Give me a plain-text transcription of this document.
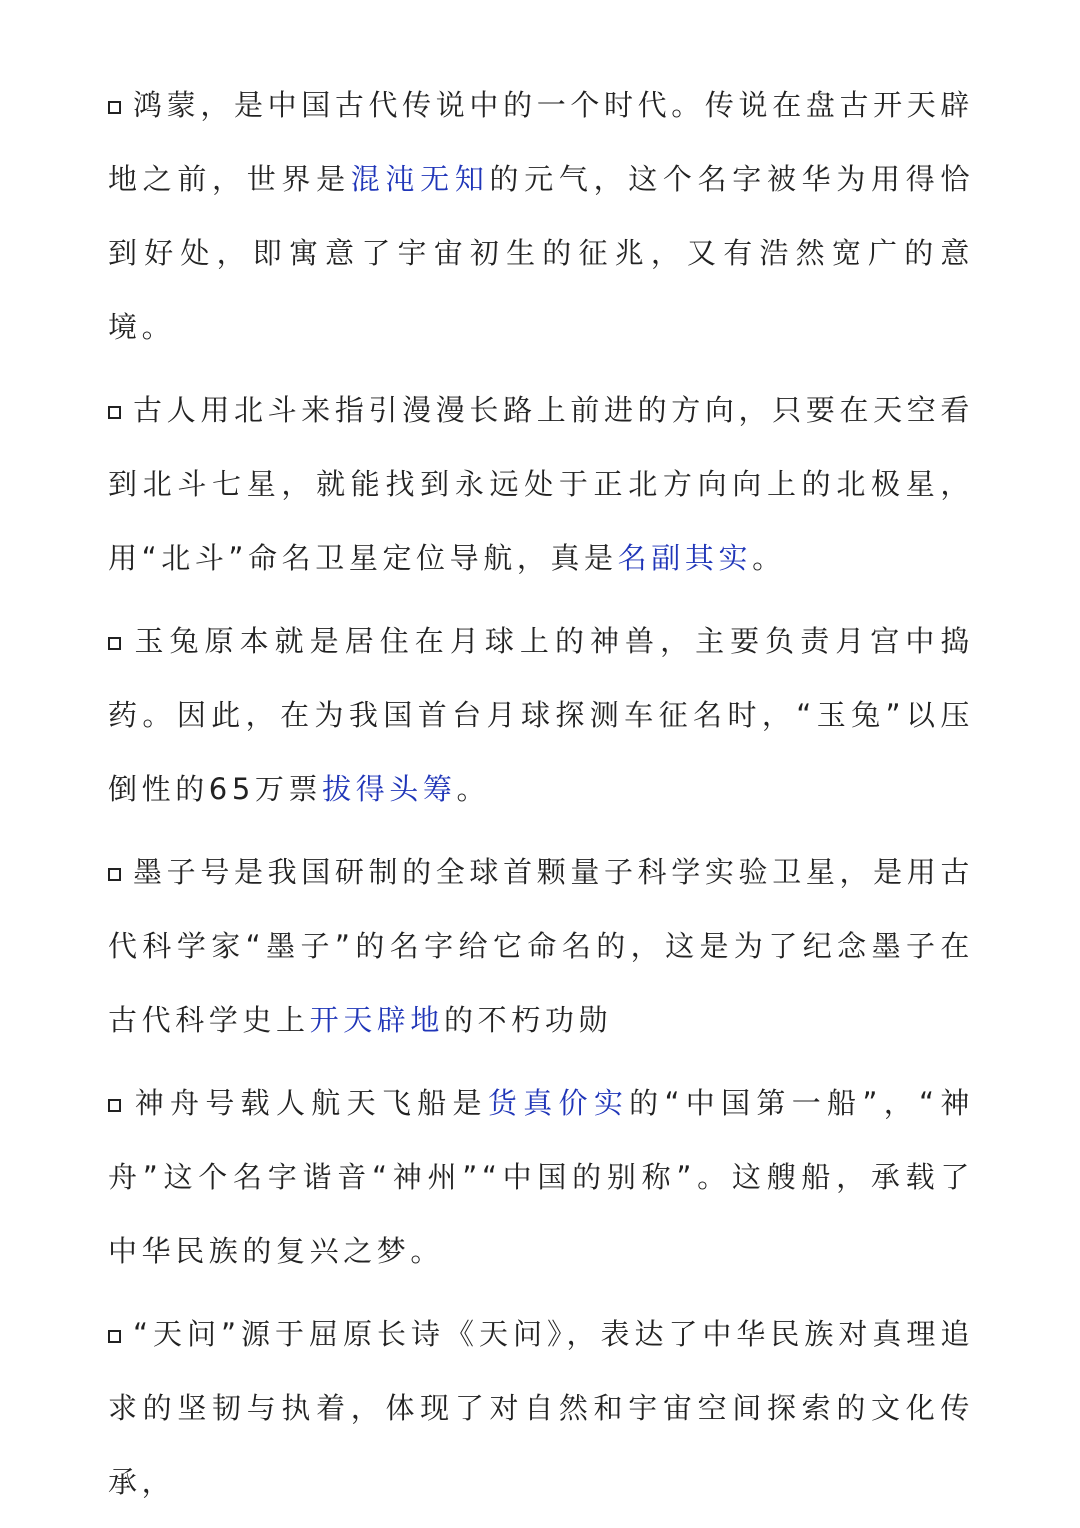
鸿蒙，是中国古代传说中的一个时代。传说在盘古开天辟地之前，世界是混沌无知的元气，这个名字被华为用得恰到好处，即寓意了宇宙初生的征兆，又有浩然宽广的意境。

古人用北斗来指引漫漫长路上前进的方向，只要在天空看到北斗七星，就能找到永远处于正北方向向上的北极星，用“北斗”命名卫星定位导航，真是名副其实。

玉兔原本就是居住在月球上的神兽，主要负责月宫中捣药。因此，在为我国首台月球探测车征名时，“玉兔”以压倒性的65万票拔得头筹。

墨子号是我国研制的全球首颗量子科学实验卫星，是用古代科学家“墨子”的名字给它命名的，这是为了纪念墨子在古代科学史上开天辟地的不朽功勋

神舟号载人航天飞船是货真价实的“中国第一船”，“神舟”这个名字谐音“神州”“中国的别称”。这艘船，承载了中华民族的复兴之梦。

“天问”源于屈原长诗《天问》，表达了中华民族对真理追求的坚韧与执着，体现了对自然和宇宙空间探索的文化传承，
